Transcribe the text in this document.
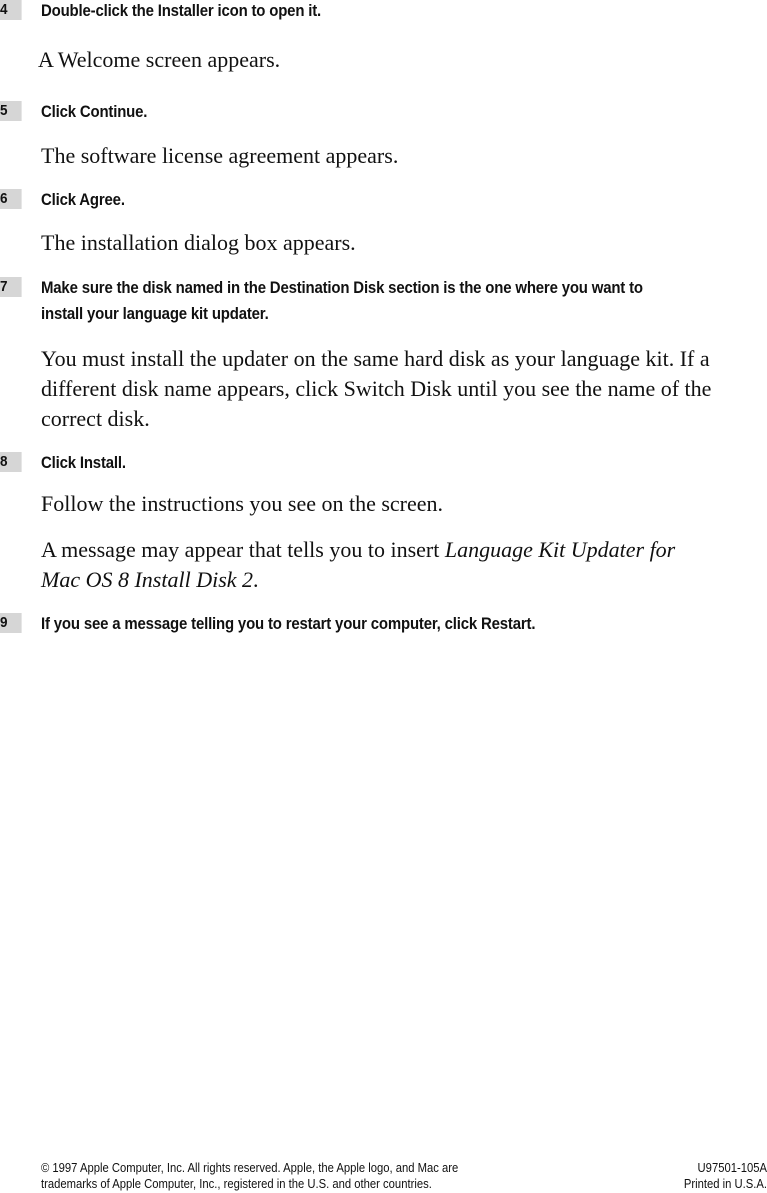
4	Double-click the Installer icon to open it.
A Welcome screen appears.
5	Click Continue.
The software license agreement appears.
6	Click Agree.
The installation dialog box appears.
7	Make sure the disk named in the Destination Disk section is the one where you want to
install your language kit updater.
You must install the updater on the same hard disk as your language kit. If a
different disk name appears, click Switch Disk until you see the name of the
correct disk.
8	Click Install.
Follow the instructions you see on the screen.
A message may appear that tells you to insert Language Kit Updater for
Mac OS 8 Install Disk 2.
9	If you see a message telling you to restart your computer, click Restart.
© 1997 Apple Computer, Inc. All rights reserved. Apple, the Apple logo, and Mac are
trademarks of Apple Computer, Inc., registered in the U.S. and other countries.
U97501-105A
Printed in U.S.A.
